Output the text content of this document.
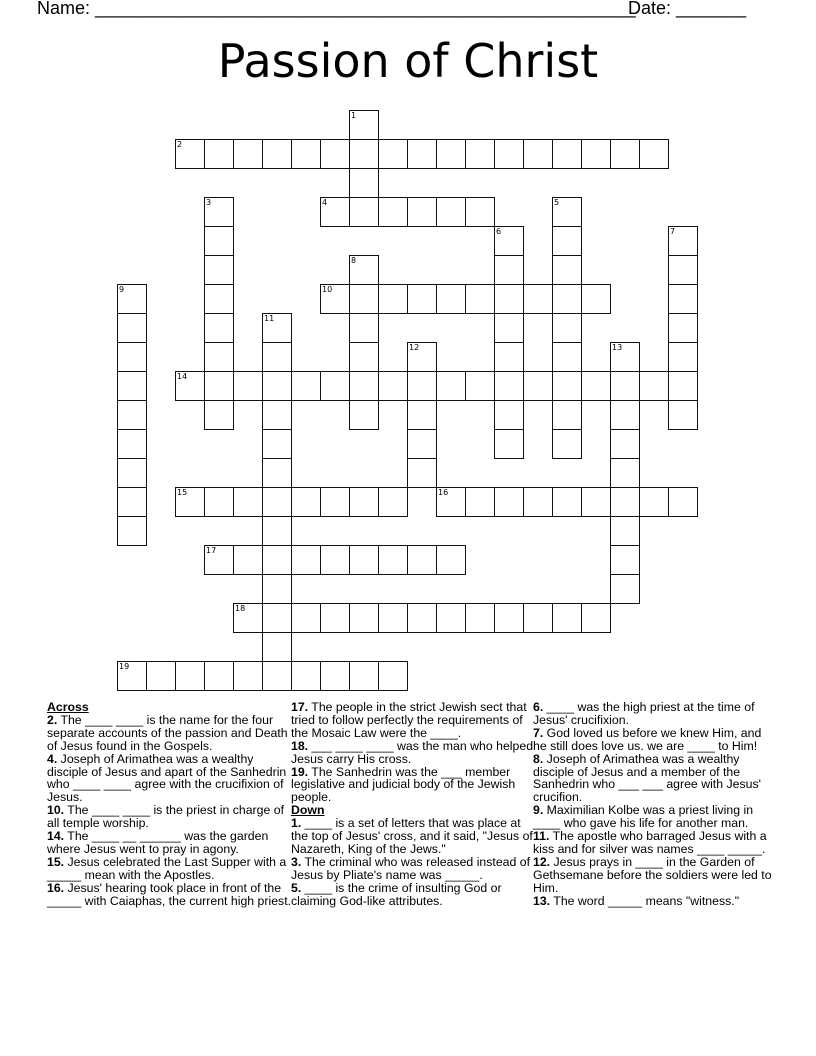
Name: ______________________________________________________
Date: _______
Passion of Christ
1
2
3	4	5
6	7
8
9	10
11
12	13
14
15	16
17
18
19
Across
2. The ____ ____ is the name for the four separate accounts of the passion and Death of Jesus found in the Gospels.
4. Joseph of Arimathea was a wealthy disciple of Jesus and apart of the Sanhedrin who ____ ____ agree with the crucifixion of Jesus.
10. The ____ ____ is the priest in charge of all temple worship.
14. The ____ __ ______ was the garden where Jesus went to pray in agony.
15. Jesus celebrated the Last Supper with a _____ mean with the Apostles.
16. Jesus' hearing took place in front of the _____ with Caiaphas, the current high priest.
17. The people in the strict Jewish sect that tried to follow perfectly the requirements of the Mosaic Law were the ____.
18. ___ ____ ____ was the man who helped Jesus carry His cross.
19. The Sanhedrin was the ___ member legislative and judicial body of the Jewish people.
Down
1. ____ is a set of letters that was place at the top of Jesus' cross, and it said, "Jesus of Nazareth, King of the Jews."
3. The criminal who was released instead of Jesus by Pliate's name was _____.
5. ____ is the crime of insulting God or claiming God-like attributes.
6. ____ was the high priest at the time of Jesus' crucifixion.
7. God loved us before we knew Him, and he still does love us. we are ____ to Him!
8. Joseph of Arimathea was a wealthy disciple of Jesus and a member of the Sanhedrin who ___ ___ agree with Jesus' crucifion.
9. Maximilian Kolbe was a priest living in ____ who gave his life for another man.
11. The apostle who barraged Jesus with a kiss and for silver was names ____ _____.
12. Jesus prays in ____ in the Garden of Gethsemane before the soldiers were led to Him.
13. The word _____ means "witness."
